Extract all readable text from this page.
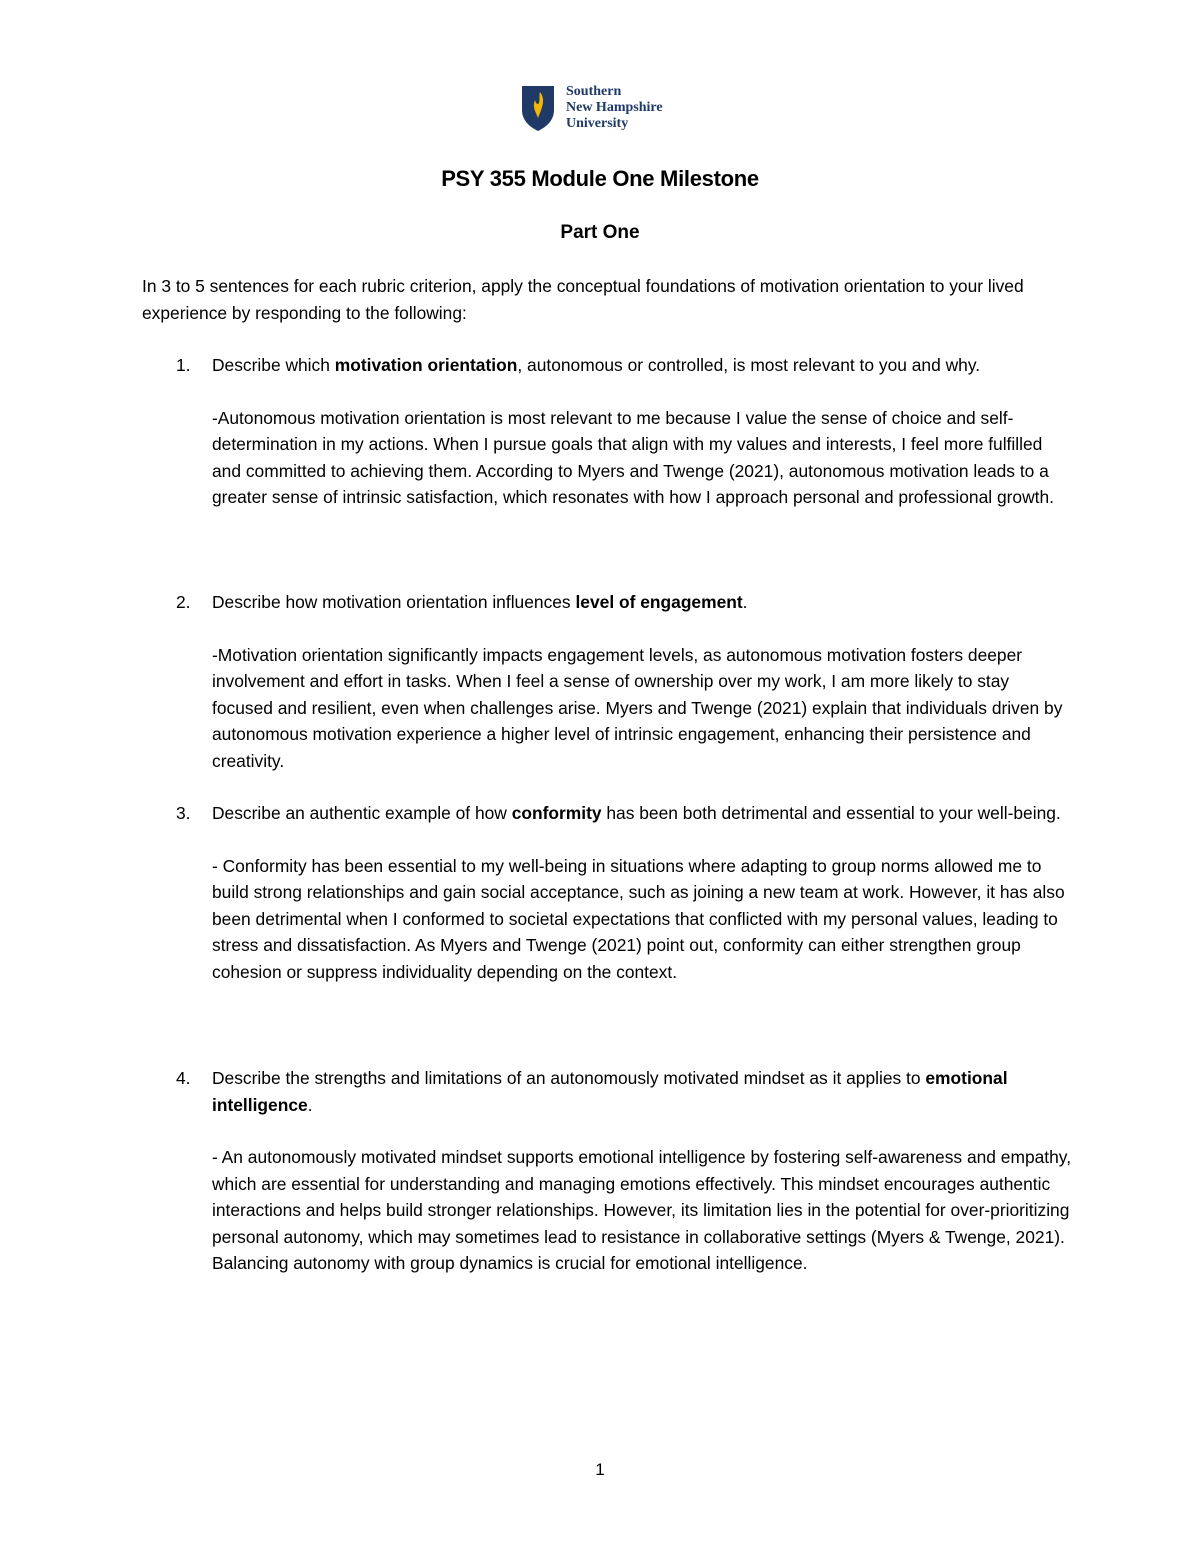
Southern
New Hampshire
University
PSY 355 Module One Milestone
Part One

In 3 to 5 sentences for each rubric criterion, apply the conceptual foundations of motivation orientation to your lived experience by responding to the following:

1. Describe which motivation orientation, autonomous or controlled, is most relevant to you and why.
-Autonomous motivation orientation is most relevant to me because I value the sense of choice and self-determination in my actions. When I pursue goals that align with my values and interests, I feel more fulfilled and committed to achieving them. According to Myers and Twenge (2021), autonomous motivation leads to a greater sense of intrinsic satisfaction, which resonates with how I approach personal and professional growth.
2. Describe how motivation orientation influences level of engagement.
-Motivation orientation significantly impacts engagement levels, as autonomous motivation fosters deeper involvement and effort in tasks. When I feel a sense of ownership over my work, I am more likely to stay focused and resilient, even when challenges arise. Myers and Twenge (2021) explain that individuals driven by autonomous motivation experience a higher level of intrinsic engagement, enhancing their persistence and creativity.
3. Describe an authentic example of how conformity has been both detrimental and essential to your well-being.
- Conformity has been essential to my well-being in situations where adapting to group norms allowed me to build strong relationships and gain social acceptance, such as joining a new team at work. However, it has also been detrimental when I conformed to societal expectations that conflicted with my personal values, leading to stress and dissatisfaction. As Myers and Twenge (2021) point out, conformity can either strengthen group cohesion or suppress individuality depending on the context.
4. Describe the strengths and limitations of an autonomously motivated mindset as it applies to emotional intelligence.
- An autonomously motivated mindset supports emotional intelligence by fostering self-awareness and empathy, which are essential for understanding and managing emotions effectively. This mindset encourages authentic interactions and helps build stronger relationships. However, its limitation lies in the potential for over-prioritizing personal autonomy, which may sometimes lead to resistance in collaborative settings (Myers & Twenge, 2021). Balancing autonomy with group dynamics is crucial for emotional intelligence.
1
